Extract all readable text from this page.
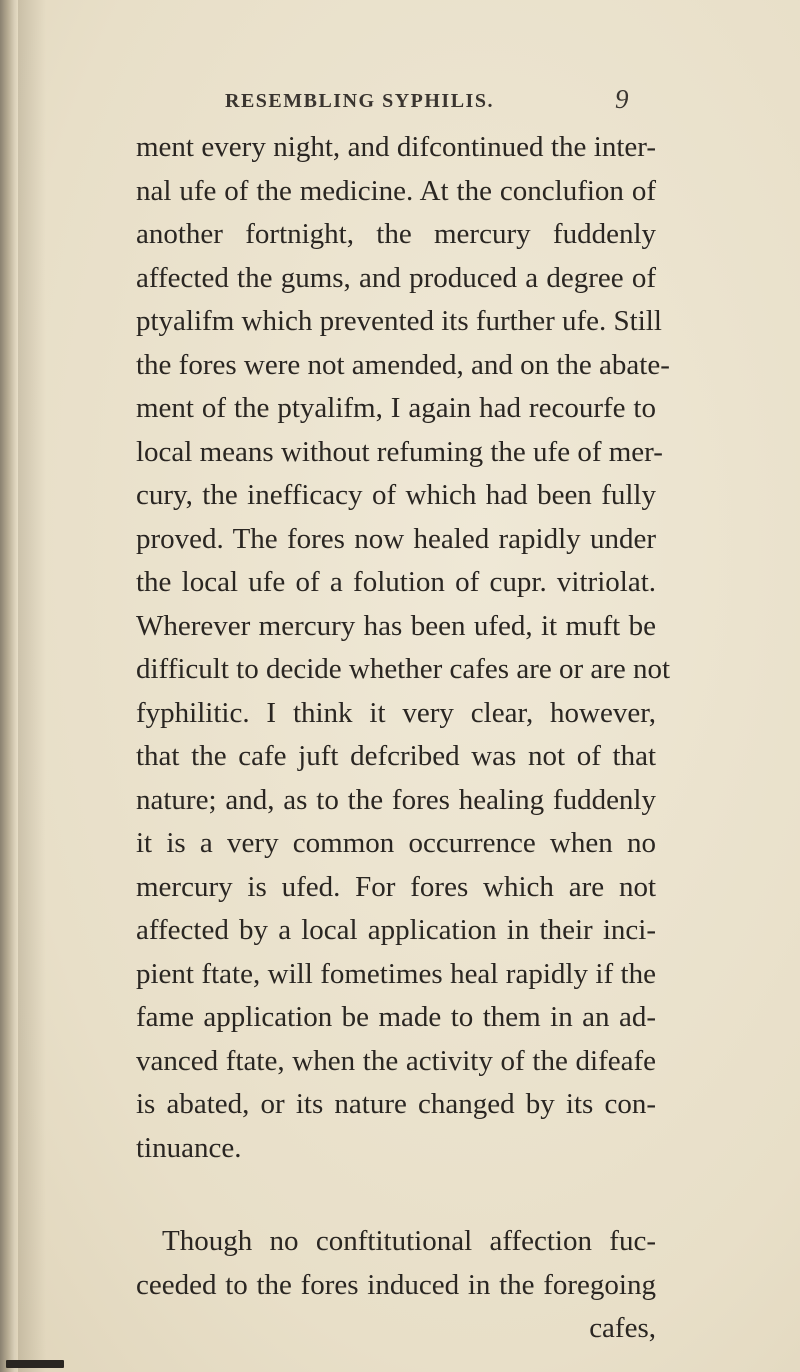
RESEMBLING SYPHILIS.	9
ment every night, and difcontinued the inter-
nal ufe of the medicine. At the conclufion of
another fortnight, the mercury fuddenly
affected the gums, and produced a degree of
ptyalifm which prevented its further ufe. Still
the fores were not amended, and on the abate-
ment of the ptyalifm, I again had recourfe to
local means without refuming the ufe of mer-
cury, the inefficacy of which had been fully
proved. The fores now healed rapidly under
the local ufe of a folution of cupr. vitriolat.
Wherever mercury has been ufed, it muft be
difficult to decide whether cafes are or are not
fyphilitic. I think it very clear, however,
that the cafe juft defcribed was not of that
nature; and, as to the fores healing fuddenly
it is a very common occurrence when no
mercury is ufed. For fores which are not
affected by a local application in their inci-
pient ftate, will fometimes heal rapidly if the
fame application be made to them in an ad-
vanced ftate, when the activity of the difeafe
is abated, or its nature changed by its con-
tinuance.
Though no conftitutional affection fuc-
ceeded to the fores induced in the foregoing
cafes,
